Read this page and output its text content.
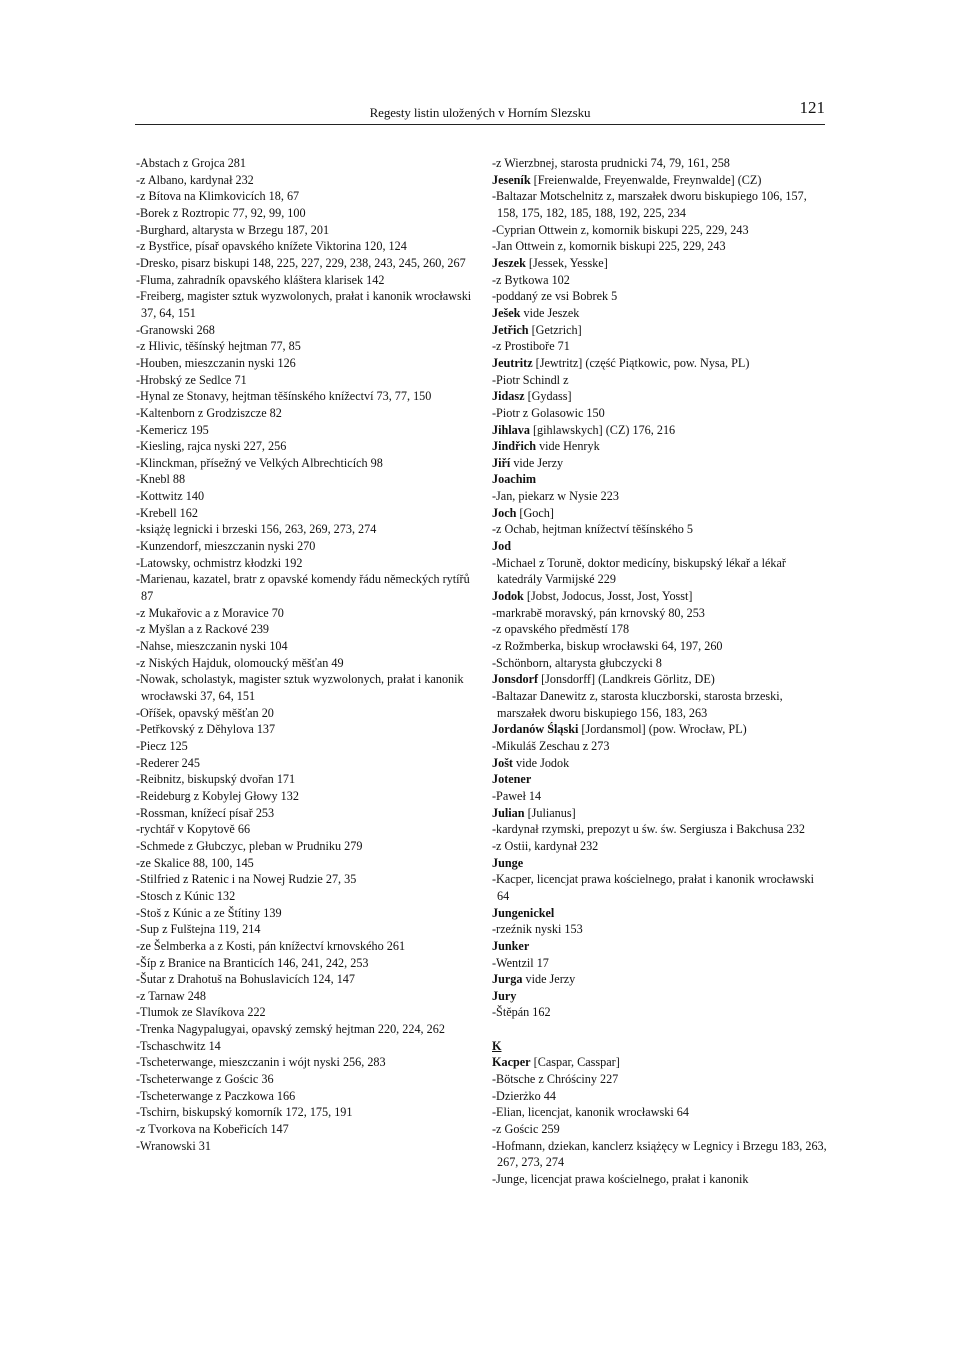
Regesty listin uložených v Horním Slezsku	121
-Abstach z Grojca 281
-z Albano, kardynał 232
-z Bítova na Klimkovicích 18, 67
-Borek z Roztropic 77, 92, 99, 100
-Burghard, altarysta w Brzegu 187, 201
-z Bystřice, písař opavského knížete Viktorina 120, 124
-Dresko, pisarz biskupi 148, 225, 227, 229, 238, 243, 245, 260, 267
-Fluma, zahradník opavského kláštera klarisek 142
-Freiberg, magister sztuk wyzwolonych, prałat i kanonik wrocławski 37, 64, 151
-Granowski 268
-z Hlivic, těšínský hejtman 77, 85
-Houben, mieszczanin nyski 126
-Hrobský ze Sedlce 71
-Hynal ze Stonavy, hejtman těšínského knížectví 73, 77, 150
-Kaltenborn z Grodziszcze 82
-Kemericz 195
-Kiesling, rajca nyski 227, 256
-Klinckman, přísežný ve Velkých Albrechticích 98
-Knebl 88
-Kottwitz 140
-Krebell 162
-książę legnicki i brzeski 156, 263, 269, 273, 274
-Kunzendorf, mieszczanin nyski 270
-Latowsky, ochmistrz kłodzki 192
-Marienau, kazatel, bratr z opavské komendy řádu německých rytířů 87
-z Mukařovic a z Moravice 70
-z Myšlan a z Rackové 239
-Nahse, mieszczanin nyski 104
-z Niských Hajduk, olomoucký měšťan 49
-Nowak, scholastyk, magister sztuk wyzwolonych, prałat i kanonik wrocławski 37, 64, 151
-Oříšek, opavský měšťan 20
-Petřkovský z Děhylova 137
-Piecz 125
-Rederer 245
-Reibnitz, biskupský dvořan 171
-Reideburg z Kobylej Głowy 132
-Rossman, knížecí písař 253
-rychtář v Kopytově 66
-Schmede z Głubczyc, pleban w Prudniku 279
-ze Skalice 88, 100, 145
-Stilfried z Ratenic i na Nowej Rudzie 27, 35
-Stosch z Kúnic 132
-Stoš z Kúnic a ze Štítiny 139
-Sup z Fulštejna 119, 214
-ze Šelmberka a z Kosti, pán knížectví krnovského 261
-Šíp z Branice na Branticích 146, 241, 242, 253
-Šutar z Drahotuš na Bohuslavicích 124, 147
-z Tarnaw 248
-Tlumok ze Slavíkova 222
-Trenka Nagypalugyai, opavský zemský hejtman 220, 224, 262
-Tschaschwitz 14
-Tscheterwange, mieszczanin i wójt nyski 256, 283
-Tscheterwange z Gościc 36
-Tscheterwange z Paczkowa 166
-Tschirn, biskupský komorník 172, 175, 191
-z Tvorkova na Kobeřicích 147
-Wranowski 31
-z Wierzbnej, starosta prudnicki 74, 79, 161, 258
Jeseník [Freienwalde, Freyenwalde, Freynwalde] (CZ)
-Baltazar Motschelnitz z, marszałek dworu biskupiego 106, 157, 158, 175, 182, 185, 188, 192, 225, 234
-Cyprian Ottwein z, komornik biskupi 225, 229, 243
-Jan Ottwein z, komornik biskupi 225, 229, 243
Jeszek [Jessek, Yesske]
-z Bytkowa 102
-poddaný ze vsi Bobrek 5
Ješek vide Jeszek
Jetřich [Getzrich]
-z Prostiboře 71
Jeutritz [Jewtritz] (część Piątkowic, pow. Nysa, PL)
-Piotr Schindl z
Jidasz [Gydass]
-Piotr z Golasowic 150
Jihlava [gihlawskych] (CZ) 176, 216
Jindřich vide Henryk
Jiří vide Jerzy
Joachim
-Jan, piekarz w Nysie 223
Joch [Goch]
-z Ochab, hejtman knížectví těšínského 5
Jod
-Michael z Toruně, doktor medicíny, biskupský lékař a lékař katedrály Varmijské 229
Jodok [Jobst, Jodocus, Josst, Jost, Yosst]
-markrabě moravský, pán krnovský 80, 253
-z opavského předměstí 178
-z Rožmberka, biskup wrocławski 64, 197, 260
-Schönborn, altarysta głubczycki 8
Jonsdorf [Jonsdorff] (Landkreis Görlitz, DE)
-Baltazar Danewitz z, starosta kluczborski, starosta brzeski, marszałek dworu biskupiego 156, 183, 263
Jordanów Śląski [Jordansmol] (pow. Wrocław, PL)
-Mikuláš Zeschau z 273
Jošt vide Jodok
Jotener
-Paweł 14
Julian [Julianus]
-kardynał rzymski, prepozyt u św. św. Sergiusza i Bakchusa 232
-z Ostii, kardynał 232
Junge
-Kacper, licencjat prawa kościelnego, prałat i kanonik wrocławski 64
Jungenickel
-rzeźnik nyski 153
Junker
-Wentzil 17
Jurga vide Jerzy
Jury
-Štěpán 162
K
Kacper [Caspar, Casspar]
-Bötsche z Chróściny 227
-Dzierżko 44
-Elian, licencjat, kanonik wrocławski 64
-z Gościc 259
-Hofmann, dziekan, kanclerz książęcy w Legnicy i Brzegu 183, 263, 267, 273, 274
-Junge, licencjat prawa kościelnego, prałat i kanonik
